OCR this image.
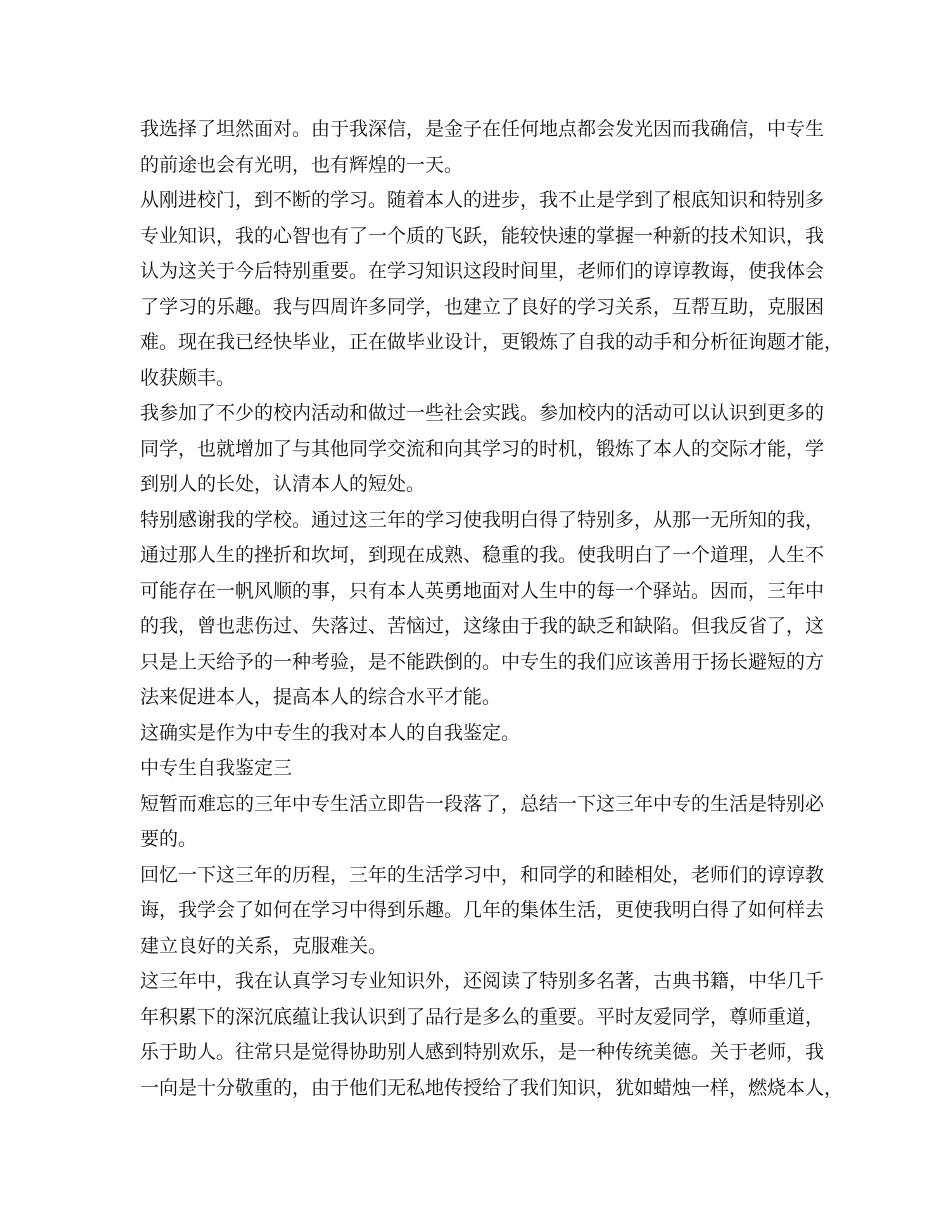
我选择了坦然面对。由于我深信，是金子在任何地点都会发光因而我确信，中专生
的前途也会有光明，也有辉煌的一天。
从刚进校门，到不断的学习。随着本人的进步，我不止是学到了根底知识和特别多
专业知识，我的心智也有了一个质的飞跃，能较快速的掌握一种新的技术知识，我
认为这关于今后特别重要。在学习知识这段时间里，老师们的谆谆教诲，使我体会
了学习的乐趣。我与四周许多同学，也建立了良好的学习关系，互帮互助，克服困
难。现在我已经快毕业，正在做毕业设计，更锻炼了自我的动手和分析征询题才能，
收获颇丰。
我参加了不少的校内活动和做过一些社会实践。参加校内的活动可以认识到更多的
同学，也就增加了与其他同学交流和向其学习的时机，锻炼了本人的交际才能，学
到别人的长处，认清本人的短处。
特别感谢我的学校。通过这三年的学习使我明白得了特别多，从那一无所知的我，
通过那人生的挫折和坎坷，到现在成熟、稳重的我。使我明白了一个道理，人生不
可能存在一帆风顺的事，只有本人英勇地面对人生中的每一个驿站。因而，三年中
的我，曾也悲伤过、失落过、苦恼过，这缘由于我的缺乏和缺陷。但我反省了，这
只是上天给予的一种考验，是不能跌倒的。中专生的我们应该善用于扬长避短的方
法来促进本人，提高本人的综合水平才能。
这确实是作为中专生的我对本人的自我鉴定。
中专生自我鉴定三
短暂而难忘的三年中专生活立即告一段落了，总结一下这三年中专的生活是特别必
要的。
回忆一下这三年的历程，三年的生活学习中，和同学的和睦相处，老师们的谆谆教
诲，我学会了如何在学习中得到乐趣。几年的集体生活，更使我明白得了如何样去
建立良好的关系，克服难关。
这三年中，我在认真学习专业知识外，还阅读了特别多名著，古典书籍，中华几千
年积累下的深沉底蕴让我认识到了品行是多么的重要。平时友爱同学，尊师重道，
乐于助人。往常只是觉得协助别人感到特别欢乐，是一种传统美德。关于老师，我
一向是十分敬重的，由于他们无私地传授给了我们知识，犹如蜡烛一样，燃烧本人，
